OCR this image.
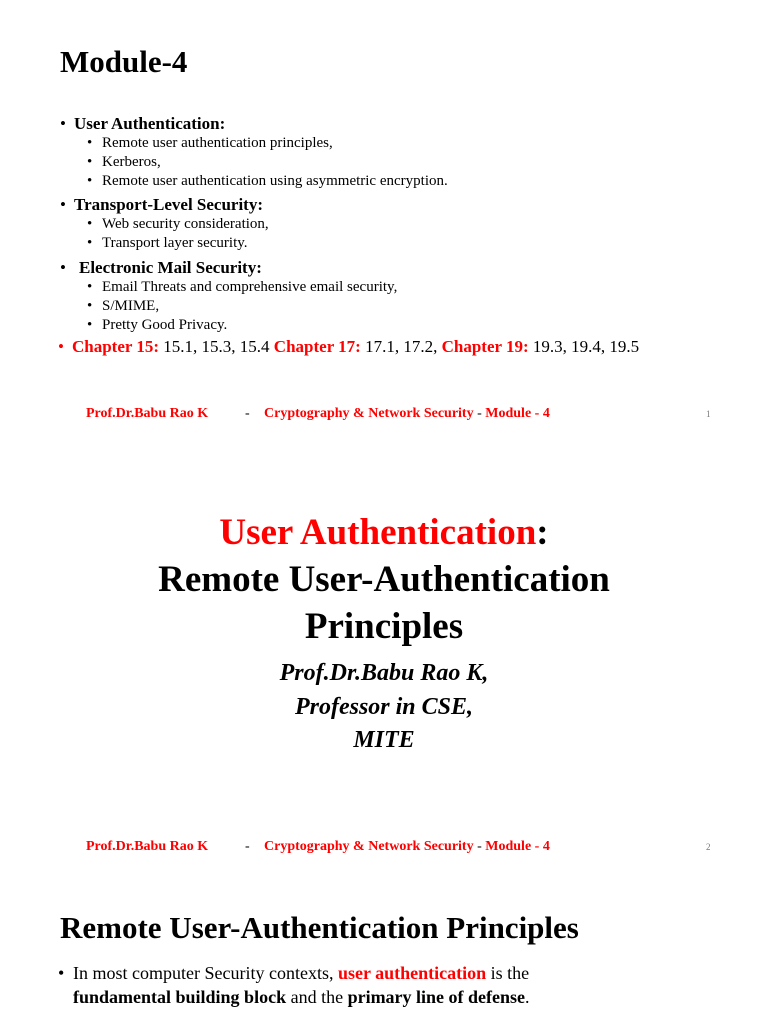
Module-4
• User Authentication:
• Remote user authentication principles,
• Kerberos,
• Remote user authentication using asymmetric encryption.
• Transport-Level Security:
• Web security consideration,
• Transport layer security.
• Electronic Mail Security:
• Email Threats and comprehensive email security,
• S/MIME,
• Pretty Good Privacy.
• Chapter 15: 15.1, 15.3, 15.4 Chapter 17: 17.1, 17.2, Chapter 19: 19.3, 19.4, 19.5
Prof.Dr.Babu Rao K	- Cryptography & Network Security - Module - 4	1
User Authentication:
Remote User-Authentication
Principles
Prof.Dr.Babu Rao K,
Professor in CSE,
MITE
Prof.Dr.Babu Rao K	- Cryptography & Network Security - Module - 4	2
Remote User-Authentication Principles
• In most computer Security contexts, user authentication is the
fundamental building block and the primary line of defense.
